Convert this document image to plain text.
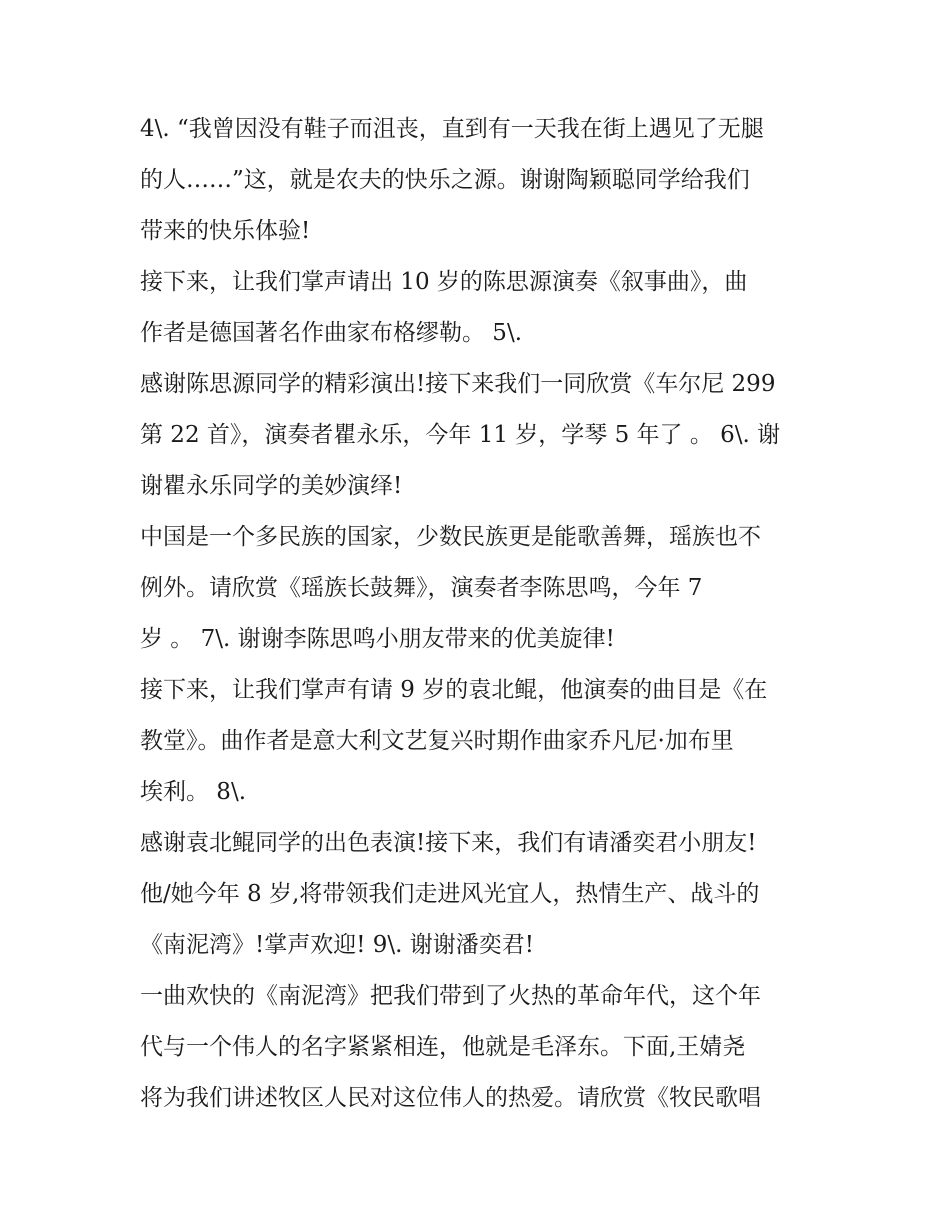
4\. “我曾因没有鞋子而沮丧，直到有一天我在街上遇见了无腿
的人……”这，就是农夫的快乐之源。谢谢陶颖聪同学给我们
带来的快乐体验!
接下来，让我们掌声请出 10 岁的陈思源演奏《叙事曲》，曲
作者是德国著名作曲家布格缪勒。 5\.
感谢陈思源同学的精彩演出!接下来我们一同欣赏《车尔尼 299
第 22 首》，演奏者瞿永乐，今年 11 岁，学琴 5 年了 。 6\. 谢
谢瞿永乐同学的美妙演绎!
中国是一个多民族的国家，少数民族更是能歌善舞，瑶族也不
例外。请欣赏《瑶族长鼓舞》，演奏者李陈思鸣，今年 7
岁 。 7\. 谢谢李陈思鸣小朋友带来的优美旋律!
接下来，让我们掌声有请 9 岁的袁北鲲，他演奏的曲目是《在
教堂》。曲作者是意大利文艺复兴时期作曲家乔凡尼·加布里
埃利。 8\.
感谢袁北鲲同学的出色表演!接下来，我们有请潘奕君小朋友!
他/她今年 8 岁,将带领我们走进风光宜人，热情生产、战斗的
《南泥湾》!掌声欢迎! 9\. 谢谢潘奕君!
一曲欢快的《南泥湾》把我们带到了火热的革命年代，这个年
代与一个伟人的名字紧紧相连，他就是毛泽东。下面,王婧尧
将为我们讲述牧区人民对这位伟人的热爱。请欣赏《牧民歌唱
